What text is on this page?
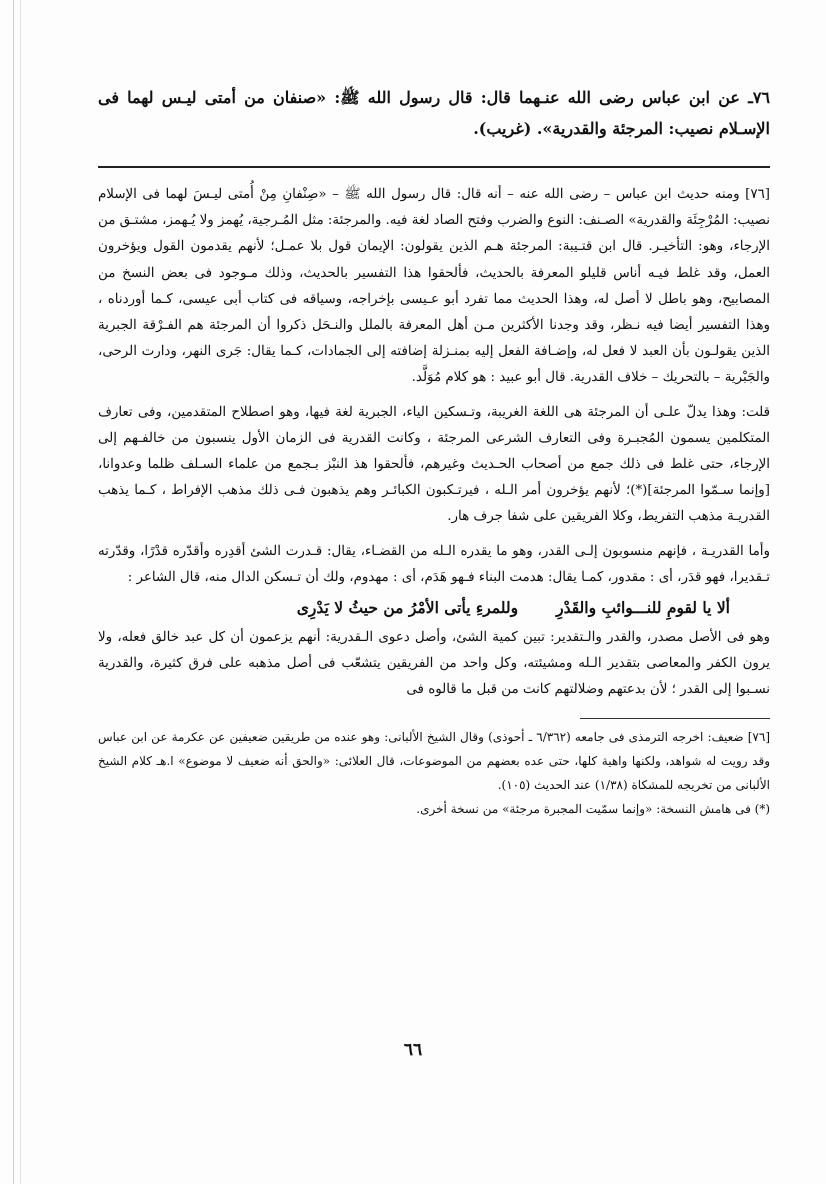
٧٦ـ عن ابن عباس رضى الله عنـهما قال: قال رسول الله ﷺ: «صنفان من أمتى ليـس لهما فى الإسـلام نصيب: المرجئة والقدرية». (غريب).

[٧٦] ومنه حديث ابن عباس – رضى الله عنه – أنه قال: قال رسول الله ﷺ – «صِنْفانِ مِنْ أُمتى ليـسَ لهما فى الإسلام نصيب: المُرْجِئَة والقدرية» الصـنف: النوع والضرب وفتح الصاد لغة فيه. والمرجئة: مثل المُـرجية، يُهمز ولا يُـهمز، مشتـق من الإرجاء، وهو: التأخيـر. قال ابن قتـيبة: المرجئة هـم الذين يقولون: الإيمان قول بلا عمـل؛ لأنهم يقدمون القول ويؤخرون العمل، وقد غلط فيـه أناس قليلو المعرفة بالحديث، فألحقوا هذا التفسير بالحديث، وذلك مـوجود فى بعض النسخ من المصابيح، وهو باطل لا أصل له، وهذا الحديث مما تفرد أبو عـيسى بإخراجه، وسياقه فى كتاب أبى عيسى، كـما أوردناه ، وهذا التفسير أيضا فيه نـظر، وقد وجدنا الأكثرين مـن أهل المعرفة بالملل والنـحَل ذكروا أن المرجئة هم الفـرْقة الجبرية الذين يقولـون بأن العبد لا فعل له، وإضـافة الفعل إليه بمنـزلة إضافته إلى الجمادات، كـما يقال: جَرى النهر، ودارت الرحى، والجَبْرية – بالتحريك – خلاف القدرية. قال أبو عبيد : هو كلام مُوَلَّد.

قلت: وهذا يدلّ علـى أن المرجئة هى اللغة الغريبة، وتـسكين الياء، الجبرية لغة فيها، وهو اصطلاح المتقدمين، وفى تعارف المتكلمين يسمون المُجبـرة وفى التعارف الشرعى المرجئة ، وكانت القدرية فى الزمان الأول ينسبون من خالفـهم إلى الإرجاء، حتى غلط فى ذلك جمع من أصحاب الحـديث وغيرهم، فألحقوا هذ النبْز بـجمع من علماء السـلف ظلما وعدوانا، [وإنما سـمّوا المرجئة](*)؛ لأنهم يؤخرون أمر الـله ، فيرتـكبون الكبائـر وهم يذهبون فـى ذلك مذهب الإفراط ، كـما يذهب القدريـة مذهب التفريط، وكلا الفريقين على شفا جرف هار.

وأما القدريـة ، فإنهم منسوبون إلـى القدر، وهو ما يقدره الـله من القضـاء، يقال: قـدرت الشئ أقدِره وأقدّره قدْرًا، وقدّرته تـقديرا، فهو قدَر، أى : مقدور، كمـا يقال: هدمت البناء فـهو هَدَم، أى : مهدوم، ولك أن تـسكن الدال منه، قال الشاعر :

ألا يا لقومِ للنـــوائبِ والقَدْرِ
وللمرءِ يأتى الأمْرُ من حيثُ لا يَدْرِى

وهو فى الأصل مصدر، والقدر والـتقدير: تبين كمية الشئ، وأصل دعوى الـقدرية: أنهم يزعمون أن كل عبد خالق فعله، ولا يرون الكفر والمعاصى بتقدير الـله ومشيئته، وكل واحد من الفريقين يتشعّب فى أصل مذهبه على فرق كثيرة، والقدرية نسـبوا إلى القدر ؛ لأن بدعتهم وضلالتهم كانت من قبل ما قالوه فى

[٧٦] ضعيف: اخرجه الترمذى فى جامعه (٦/٣٦٢ ـ أحوذى) وقال الشيخ الألبانى: وهو عنده من طريقين ضعيفين عن عكرمة عن ابن عباس وقد رويت له شواهد، ولكنها واهية كلها، حتى عده بعضهم من الموضوعات، قال العلائى: «والحق أنه ضعيف لا موضوع» ا.هـ كلام الشيخ الألبانى من تخريجه للمشكاة (١/٣٨) عند الحديث (١٠٥).

(*) فى هامش النسخة: «وإنما سمّيت المجبرة مرجئة» من نسخة أخرى.

٦٦
